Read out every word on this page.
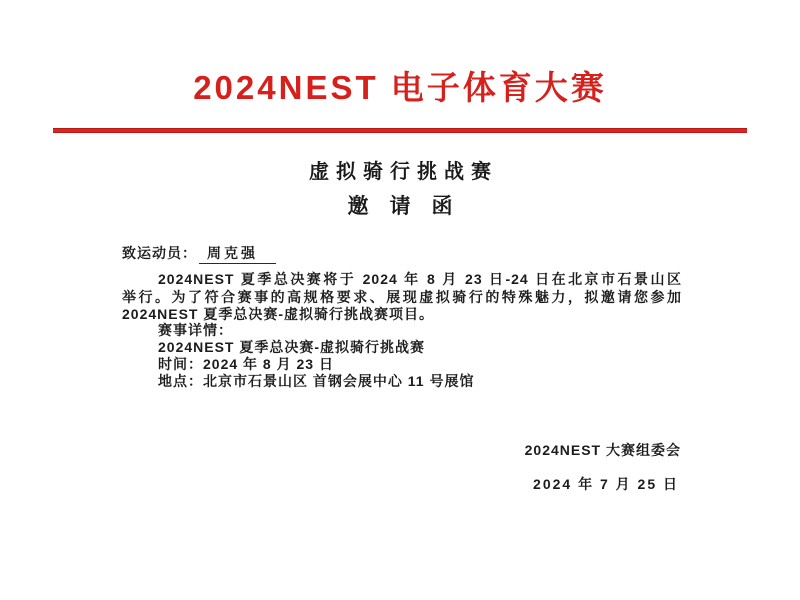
2024NEST 电子体育大赛
虚拟骑行挑战赛
邀　请　函
致运动员： 周克强
2024NEST 夏季总决赛将于 2024 年 8 月 23 日-24 日在北京市石景山区
举行。为了符合赛事的高规格要求、展现虚拟骑行的特殊魅力，拟邀请您参加
2024NEST 夏季总决赛-虚拟骑行挑战赛项目。
赛事详情：
2024NEST 夏季总决赛-虚拟骑行挑战赛
时间：2024 年 8 月 23 日
地点：北京市石景山区 首钢会展中心 11 号展馆
2024NEST 大赛组委会
2024 年 7 月 25 日
